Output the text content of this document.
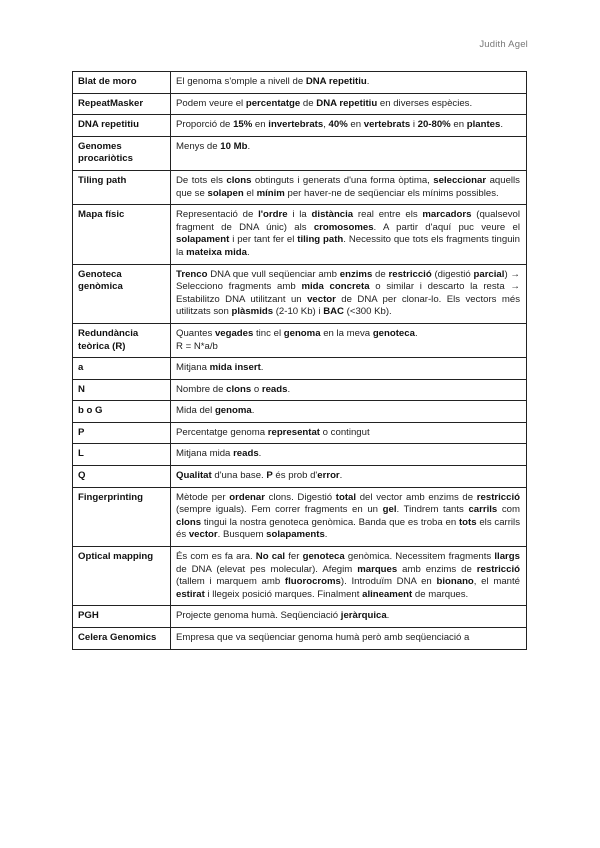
Judith Agel
Blat de moro	El genoma s'omple a nivell de DNA repetitiu.

RepeatMasker	Podem veure el percentatge de DNA repetitiu en diverses espècies.

DNA repetitiu	Proporció de 15% en invertebrats, 40% en vertebrats i 20-80% en plantes.

Genomes procariòtics	Menys de 10 Mb.

Tiling path	De tots els clons obtinguts i generats d'una forma òptima, seleccionar aquells que se solapen el mínim per haver-ne de seqüenciar els mínims possibles.

Mapa físic	Representació de l'ordre i la distància real entre els marcadors (qualsevol fragment de DNA únic) als cromosomes. A partir d'aquí puc veure el solapament i per tant fer el tiling path. Necessito que tots els fragments tinguin la mateixa mida.

Genoteca genòmica	Trenco DNA que vull seqüenciar amb enzims de restricció (digestió parcial) → Selecciono fragments amb mida concreta o similar i descarto la resta → Estabilitzo DNA utilitzant un vector de DNA per clonar-lo. Els vectors més utilitzats son plàsmids (2-10 Kb) i BAC (<300 Kb).

Redundància teòrica (R)	Quantes vegades tinc el genoma en la meva genoteca.
R = N*a/b

a	Mitjana mida insert.

N	Nombre de clons o reads.

b o G	Mida del genoma.

P	Percentatge genoma representat o contingut

L	Mitjana mida reads.

Q	Qualitat d'una base. P és prob d'error.

Fingerprinting	Mètode per ordenar clons. Digestió total del vector amb enzims de restricció (sempre iguals). Fem correr fragments en un gel. Tindrem tants carrils com clons tingui la nostra genoteca genòmica. Banda que es troba en tots els carrils és vector. Busquem solapaments.

Optical mapping	És com es fa ara. No cal fer genoteca genòmica. Necessitem fragments llargs de DNA (elevat pes molecular). Afegim marques amb enzims de restricció (tallem i marquem amb fluorocroms). Introduïm DNA en bionano, el manté estirat i llegeix posició marques. Finalment alineament de marques.

PGH	Projecte genoma humà. Seqüenciació jeràrquica.

Celera Genomics	Empresa que va seqüenciar genoma humà però amb seqüenciació a
